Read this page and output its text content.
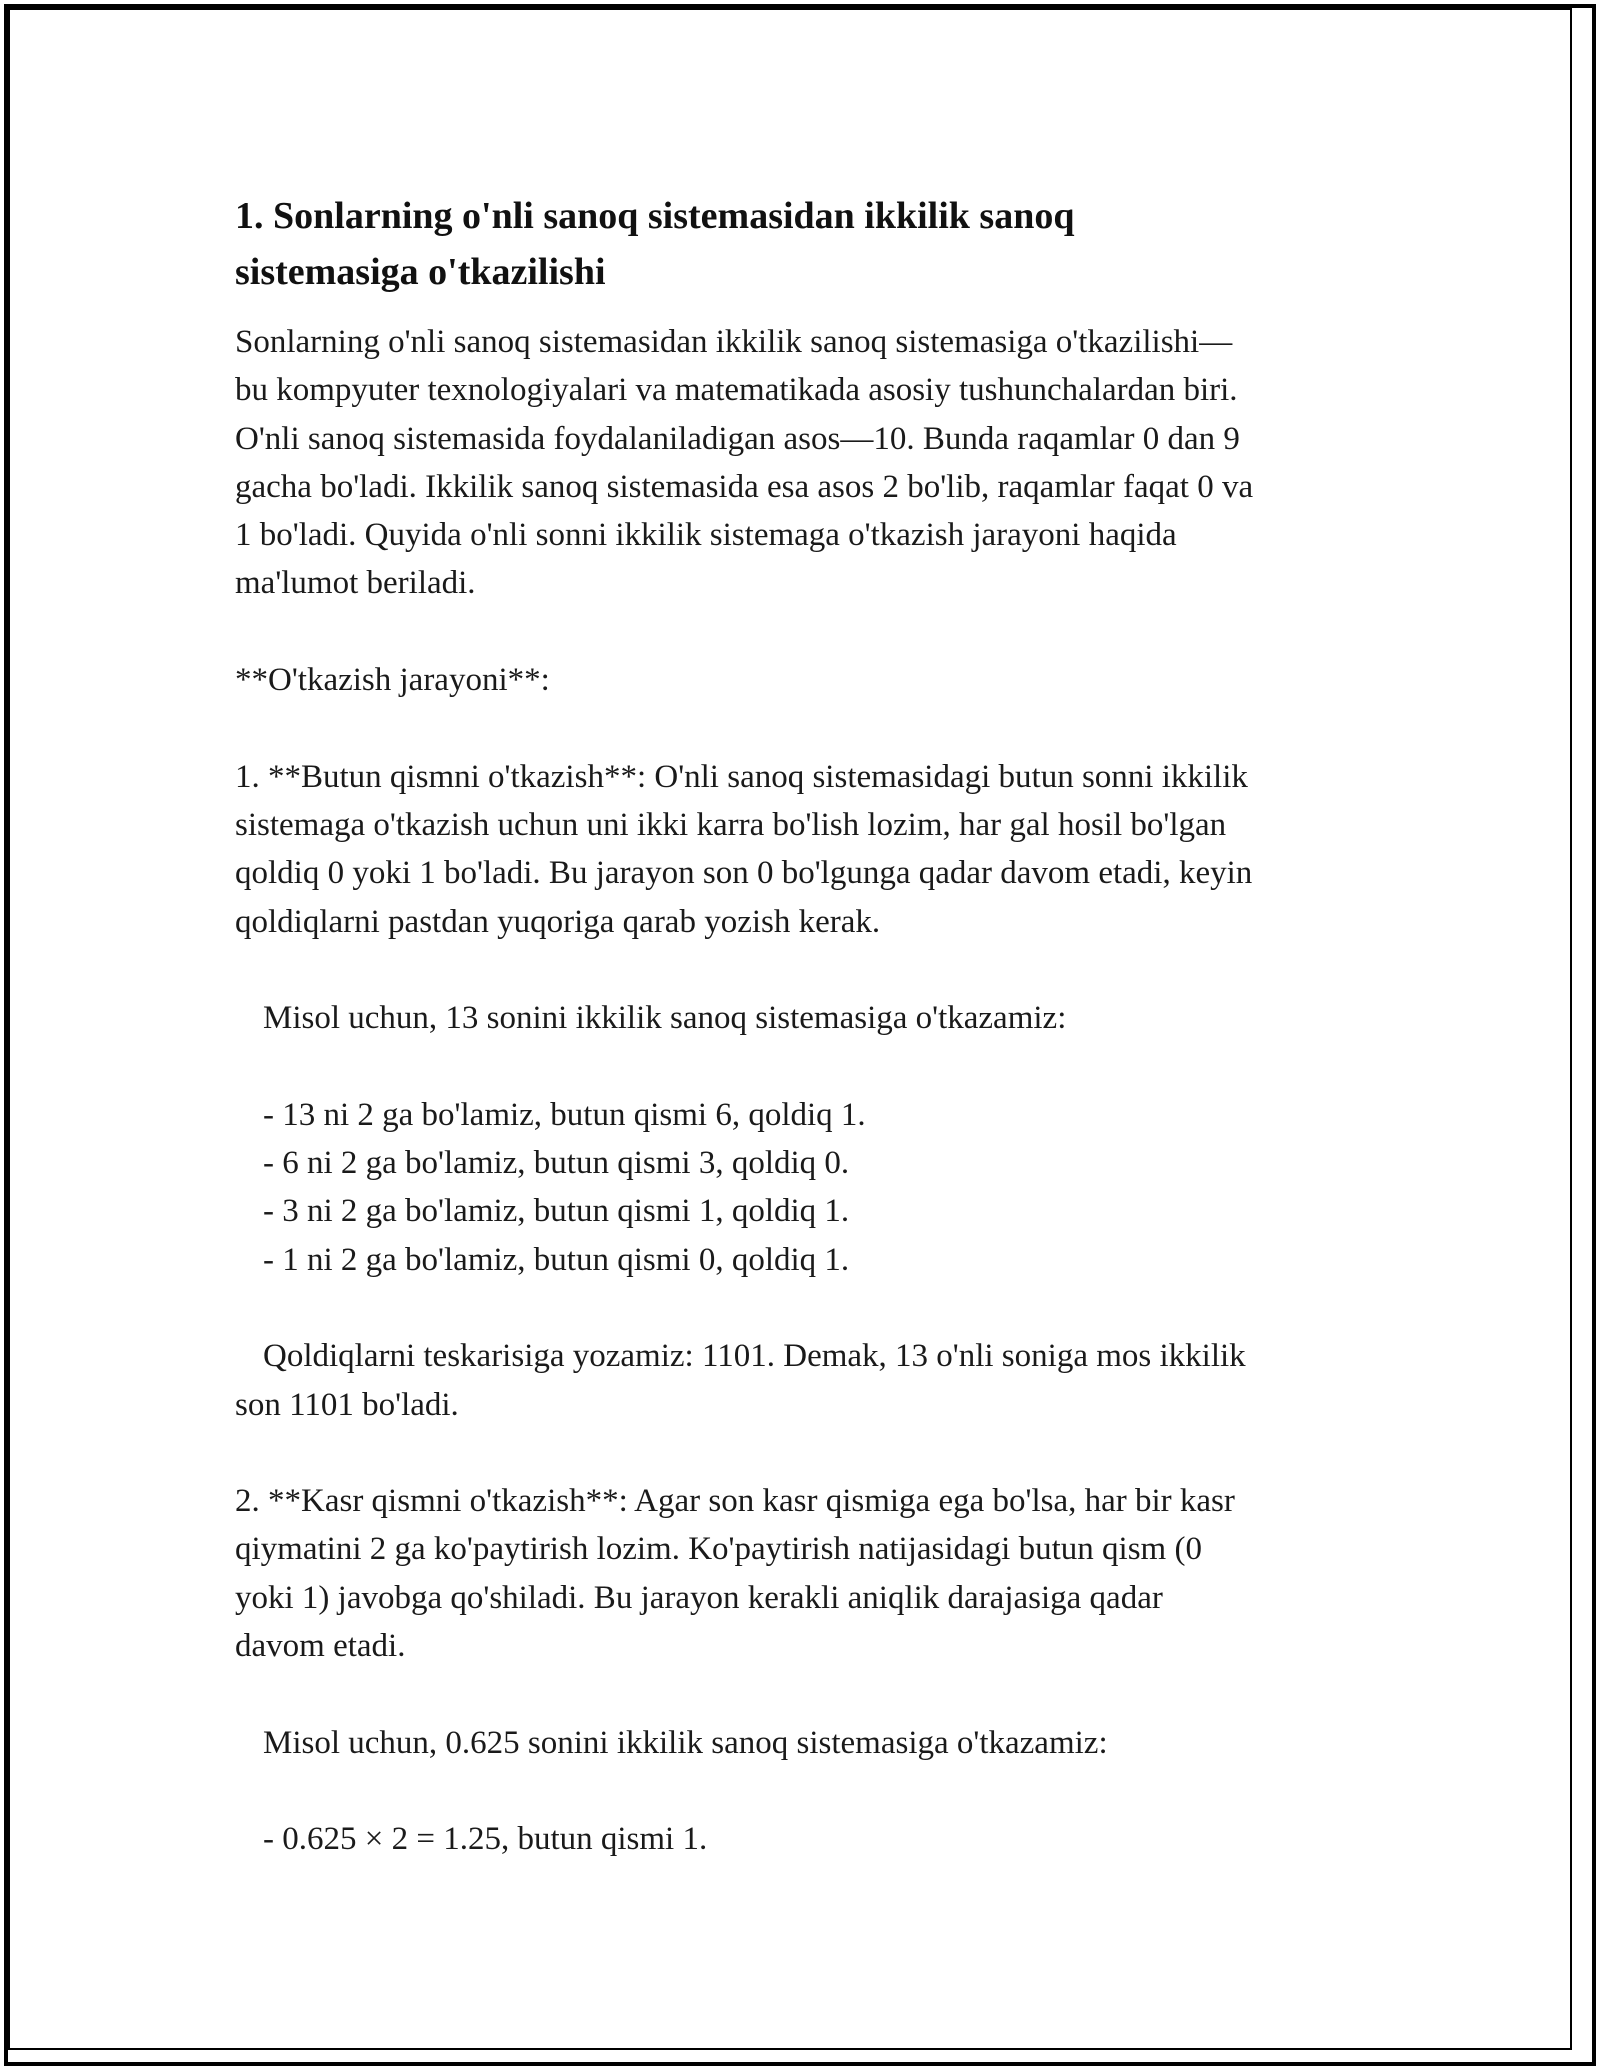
1. Sonlarning o'nli sanoq sistemasidan ikkilik sanoq
sistemasiga o'tkazilishi
Sonlarning o'nli sanoq sistemasidan ikkilik sanoq sistemasiga o'tkazilishi—
bu kompyuter texnologiyalari va matematikada asosiy tushunchalardan biri.
O'nli sanoq sistemasida foydalaniladigan asos—10. Bunda raqamlar 0 dan 9
gacha bo'ladi. Ikkilik sanoq sistemasida esa asos 2 bo'lib, raqamlar faqat 0 va
1 bo'ladi. Quyida o'nli sonni ikkilik sistemaga o'tkazish jarayoni haqida
ma'lumot beriladi.
**O'tkazish jarayoni**:
1. **Butun qismni o'tkazish**: O'nli sanoq sistemasidagi butun sonni ikkilik
sistemaga o'tkazish uchun uni ikki karra bo'lish lozim, har gal hosil bo'lgan
qoldiq 0 yoki 1 bo'ladi. Bu jarayon son 0 bo'lgunga qadar davom etadi, keyin
qoldiqlarni pastdan yuqoriga qarab yozish kerak.
Misol uchun, 13 sonini ikkilik sanoq sistemasiga o'tkazamiz:
- 13 ni 2 ga bo'lamiz, butun qismi 6, qoldiq 1.
- 6 ni 2 ga bo'lamiz, butun qismi 3, qoldiq 0.
- 3 ni 2 ga bo'lamiz, butun qismi 1, qoldiq 1.
- 1 ni 2 ga bo'lamiz, butun qismi 0, qoldiq 1.
Qoldiqlarni teskarisiga yozamiz: 1101. Demak, 13 o'nli soniga mos ikkilik
son 1101 bo'ladi.
2. **Kasr qismni o'tkazish**: Agar son kasr qismiga ega bo'lsa, har bir kasr
qiymatini 2 ga ko'paytirish lozim. Ko'paytirish natijasidagi butun qism (0
yoki 1) javobga qo'shiladi. Bu jarayon kerakli aniqlik darajasiga qadar
davom etadi.
Misol uchun, 0.625 sonini ikkilik sanoq sistemasiga o'tkazamiz:
- 0.625 × 2 = 1.25, butun qismi 1.
